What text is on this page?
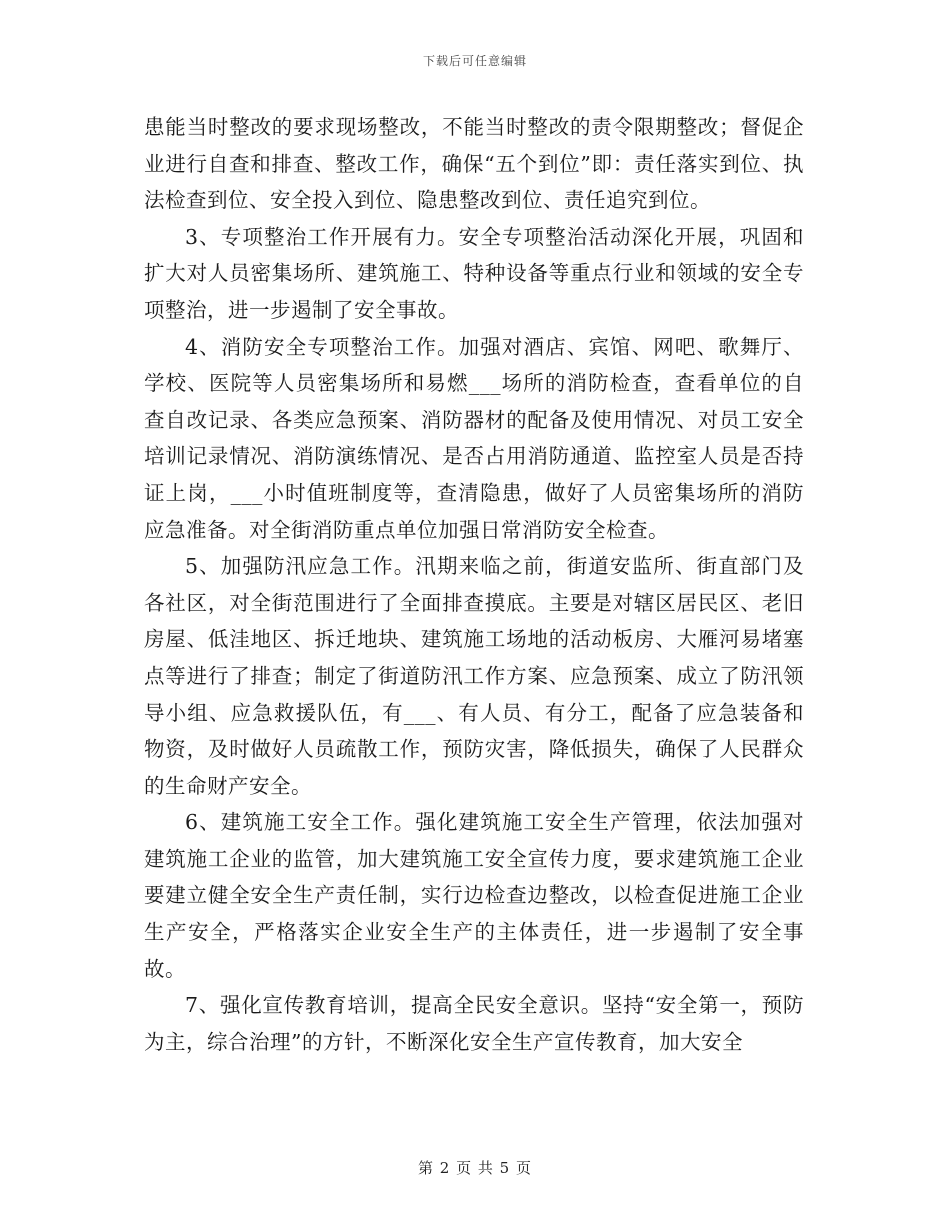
下载后可任意编辑

患能当时整改的要求现场整改，不能当时整改的责令限期整改；督促企业进行自查和排查、整改工作，确保“五个到位”即：责任落实到位、执法检查到位、安全投入到位、隐患整改到位、责任追究到位。

3、专项整治工作开展有力。安全专项整治活动深化开展，巩固和扩大对人员密集场所、建筑施工、特种设备等重点行业和领域的安全专项整治，进一步遏制了安全事故。

4、消防安全专项整治工作。加强对酒店、宾馆、网吧、歌舞厅、学校、医院等人员密集场所和易燃___场所的消防检查，查看单位的自查自改记录、各类应急预案、消防器材的配备及使用情况、对员工安全培训记录情况、消防演练情况、是否占用消防通道、监控室人员是否持证上岗，___小时值班制度等，查清隐患，做好了人员密集场所的消防应急准备。对全街消防重点单位加强日常消防安全检查。

5、加强防汛应急工作。汛期来临之前，街道安监所、街直部门及各社区，对全街范围进行了全面排查摸底。主要是对辖区居民区、老旧房屋、低洼地区、拆迁地块、建筑施工场地的活动板房、大雁河易堵塞点等进行了排查；制定了街道防汛工作方案、应急预案、成立了防汛领导小组、应急救援队伍，有___、有人员、有分工，配备了应急装备和物资，及时做好人员疏散工作，预防灾害，降低损失，确保了人民群众的生命财产安全。

6、建筑施工安全工作。强化建筑施工安全生产管理，依法加强对建筑施工企业的监管，加大建筑施工安全宣传力度，要求建筑施工企业要建立健全安全生产责任制，实行边检查边整改，以检查促进施工企业生产安全，严格落实企业安全生产的主体责任，进一步遏制了安全事故。

7、强化宣传教育培训，提高全民安全意识。坚持“安全第一，预防为主，综合治理”的方针，不断深化安全生产宣传教育，加大安全

第 2 页 共 5 页
